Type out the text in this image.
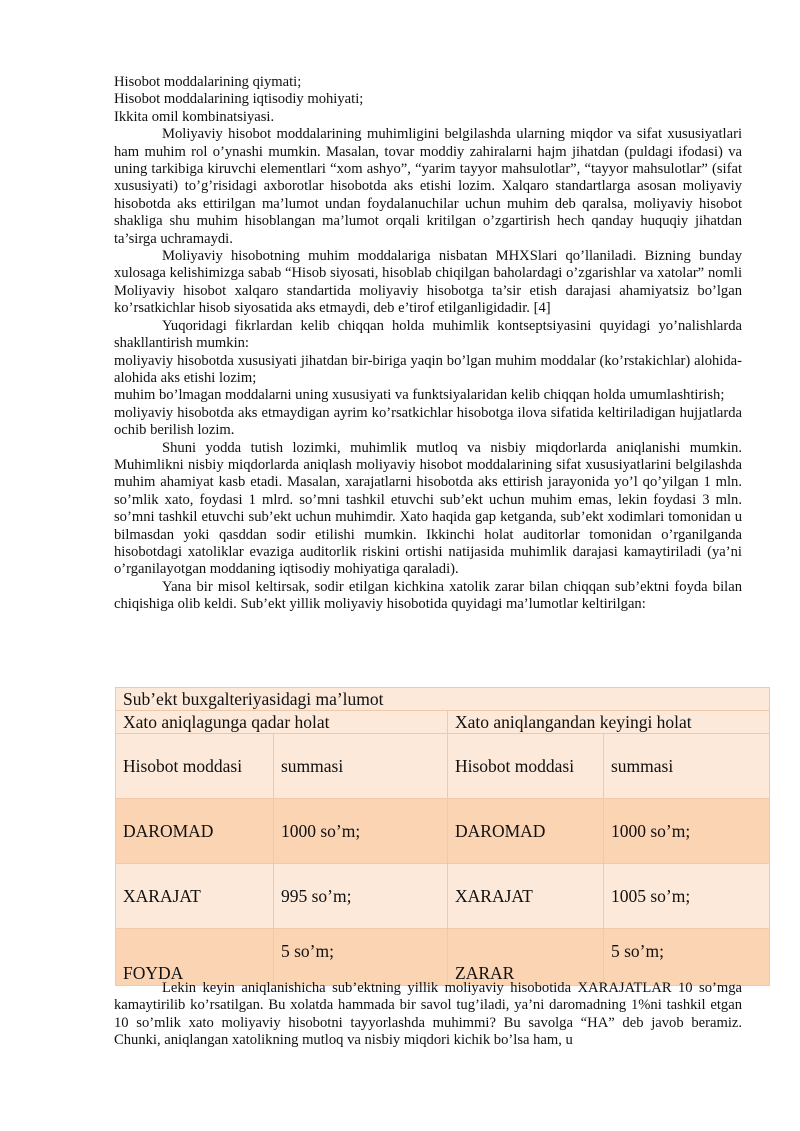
Hisobot moddalarining qiymati;

Hisobot moddalarining iqtisodiy mohiyati;

Ikkita omil kombinatsiyasi.

Moliyaviy hisobot moddalarining muhimligini belgilashda ularning miqdor va sifat xususiyatlari ham muhim rol o’ynashi mumkin. Masalan, tovar moddiy zahiralarni hajm jihatdan (puldagi ifodasi) va uning tarkibiga kiruvchi elementlari “xom ashyo”, “yarim tayyor mahsulotlar”, “tayyor mahsulotlar” (sifat xususiyati) to’g’risidagi axborotlar hisobotda aks etishi lozim. Xalqaro standartlarga asosan moliyaviy hisobotda aks ettirilgan ma’lumot undan foydalanuchilar uchun muhim deb qaralsa, moliyaviy hisobot shakliga shu muhim hisoblangan ma’lumot orqali kritilgan o’zgartirish hech qanday huquqiy jihatdan ta’sirga uchramaydi.

Moliyaviy hisobotning muhim moddalariga nisbatan MHXSlari qo’llaniladi. Bizning bunday xulosaga kelishimizga sabab “Hisob siyosati, hisoblab chiqilgan baholardagi o’zgarishlar va xatolar” nomli Moliyaviy hisobot xalqaro standartida moliyaviy hisobotga ta’sir etish darajasi ahamiyatsiz bo’lgan ko’rsatkichlar hisob siyosatida aks etmaydi, deb e’tirof etilganligidadir. [4]

Yuqoridagi fikrlardan kelib chiqqan holda muhimlik kontseptsiyasini quyidagi yo’nalishlarda shakllantirish mumkin:

moliyaviy hisobotda xususiyati jihatdan bir-biriga yaqin bo’lgan muhim moddalar (ko’rstakichlar) alohida-alohida aks etishi lozim;

muhim bo’lmagan moddalarni uning xususiyati va funktsiyalaridan kelib chiqqan holda umumlashtirish;

moliyaviy hisobotda aks etmaydigan ayrim ko’rsatkichlar hisobotga ilova sifatida keltiriladigan hujjatlarda ochib berilish lozim.

Shuni yodda tutish lozimki, muhimlik mutloq va nisbiy miqdorlarda aniqlanishi mumkin. Muhimlikni nisbiy miqdorlarda aniqlash moliyaviy hisobot moddalarining sifat xususiyatlarini belgilashda muhim ahamiyat kasb etadi. Masalan, xarajatlarni hisobotda aks ettirish jarayonida yo’l qo’yilgan 1 mln. so’mlik xato, foydasi 1 mlrd. so’mni tashkil etuvchi sub’ekt uchun muhim emas, lekin foydasi 3 mln. so’mni tashkil etuvchi sub’ekt uchun muhimdir. Xato haqida gap ketganda, sub’ekt xodimlari tomonidan u bilmasdan yoki qasddan sodir etilishi mumkin. Ikkinchi holat auditorlar tomonidan o’rganilganda hisobotdagi xatoliklar evaziga auditorlik riskini ortishi natijasida muhimlik darajasi kamaytiriladi (ya’ni o’rganilayotgan moddaning iqtisodiy mohiyatiga qaraladi).

Yana bir misol keltirsak, sodir etilgan kichkina xatolik zarar bilan chiqqan sub’ektni foyda bilan chiqishiga olib keldi. Sub’ekt yillik moliyaviy hisobotida quyidagi ma’lumotlar keltirilgan:

Sub’ekt buxgalteriyasidagi ma’lumot			
Xato aniqlagunga qadar holat		Xato aniqlangandan keyingi holat	
Hisobot moddasi	summasi	Hisobot moddasi	summasi
DAROMAD	1000 so’m;	DAROMAD	1000 so’m;
XARAJAT	995 so’m;	XARAJAT	1005 so’m;
FOYDA	5 so’m;	ZARAR	5 so’m;

Lekin keyin aniqlanishicha sub’ektning yillik moliyaviy hisobotida XARAJATLAR 10 so’mga kamaytirilib ko’rsatilgan. Bu xolatda hammada bir savol tug’iladi, ya’ni daromadning 1%ni tashkil etgan 10 so’mlik xato moliyaviy hisobotni tayyorlashda muhimmi? Bu savolga “HA” deb javob beramiz. Chunki, aniqlangan xatolikning mutloq va nisbiy miqdori kichik bo’lsa ham, u
